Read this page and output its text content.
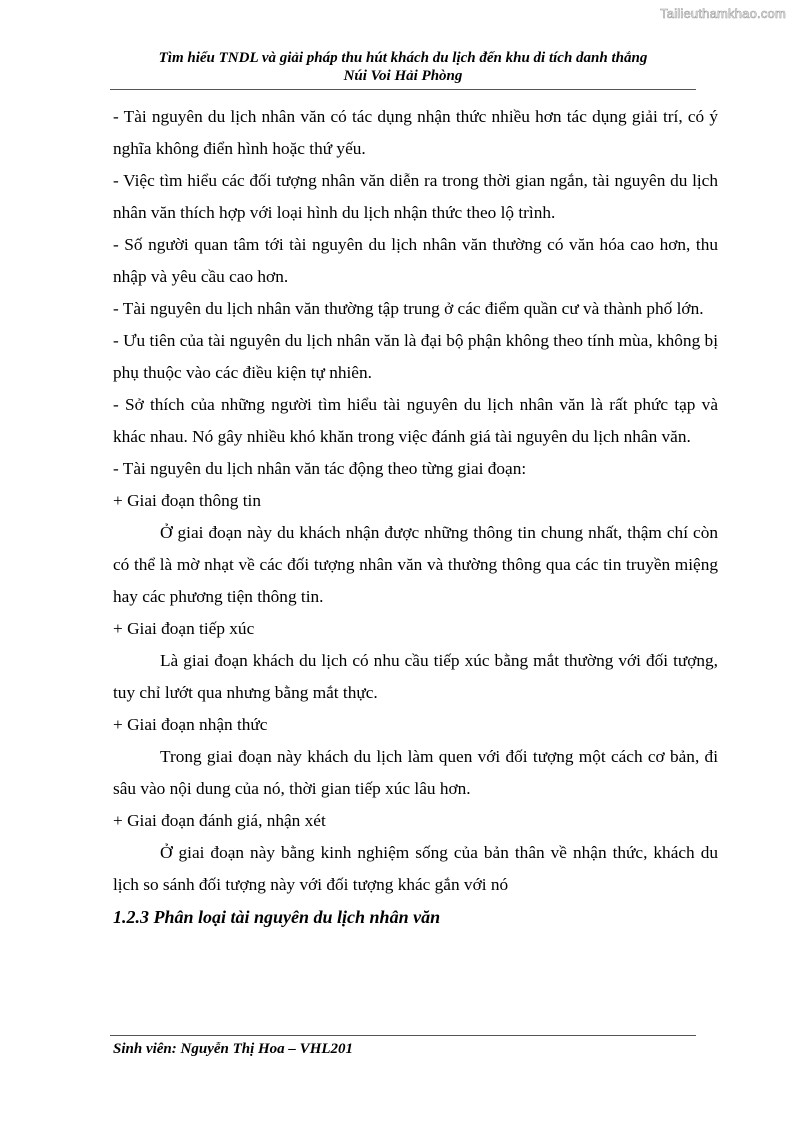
Tailieuthamkhao.com
Tìm hiểu TNDL và giải pháp thu hút khách du lịch đến khu di tích danh thắng
Núi Voi Hải Phòng
- Tài nguyên du lịch nhân văn có tác dụng nhận thức nhiều hơn tác dụng giải trí, có ý nghĩa không điển hình hoặc thứ yếu.
- Việc tìm hiểu các đối tượng nhân văn diễn ra trong thời gian ngắn, tài nguyên du lịch nhân văn thích hợp với loại hình du lịch nhận thức theo lộ trình.
- Số người quan tâm tới tài nguyên du lịch nhân văn thường có văn hóa cao hơn, thu nhập và yêu cầu cao hơn.
- Tài nguyên du lịch nhân văn thường tập trung ở các điểm quần cư và thành phố lớn.
- Ưu tiên của tài nguyên du lịch nhân văn là đại bộ phận không theo tính mùa, không bị phụ thuộc vào các điều kiện tự nhiên.
- Sở thích của những người tìm hiểu tài nguyên du lịch nhân văn là rất phức tạp và khác nhau. Nó gây nhiều khó khăn trong việc đánh giá tài nguyên du lịch nhân văn.
- Tài nguyên du lịch nhân văn tác động theo từng giai đoạn:
+ Giai đoạn thông tin
Ở giai đoạn này du khách nhận được những thông tin chung nhất, thậm chí còn có thể là mờ nhạt về các đối tượng nhân văn và thường thông qua các tin truyền miệng hay các phương tiện thông tin.
+ Giai đoạn tiếp xúc
Là giai đoạn khách du lịch có nhu cầu tiếp xúc bằng mắt thường với đối tượng, tuy chỉ lướt qua nhưng bằng mắt thực.
+ Giai đoạn nhận thức
Trong giai đoạn này khách du lịch làm quen với đối tượng một cách cơ bản, đi sâu vào nội dung của nó, thời gian tiếp xúc lâu hơn.
+ Giai đoạn đánh giá, nhận xét
Ở giai đoạn này bằng kinh nghiệm sống của bản thân về nhận thức, khách du lịch so sánh đối tượng này với đối tượng khác gắn với nó
1.2.3 Phân loại tài nguyên du lịch nhân văn
Sinh viên: Nguyễn Thị Hoa – VHL201
